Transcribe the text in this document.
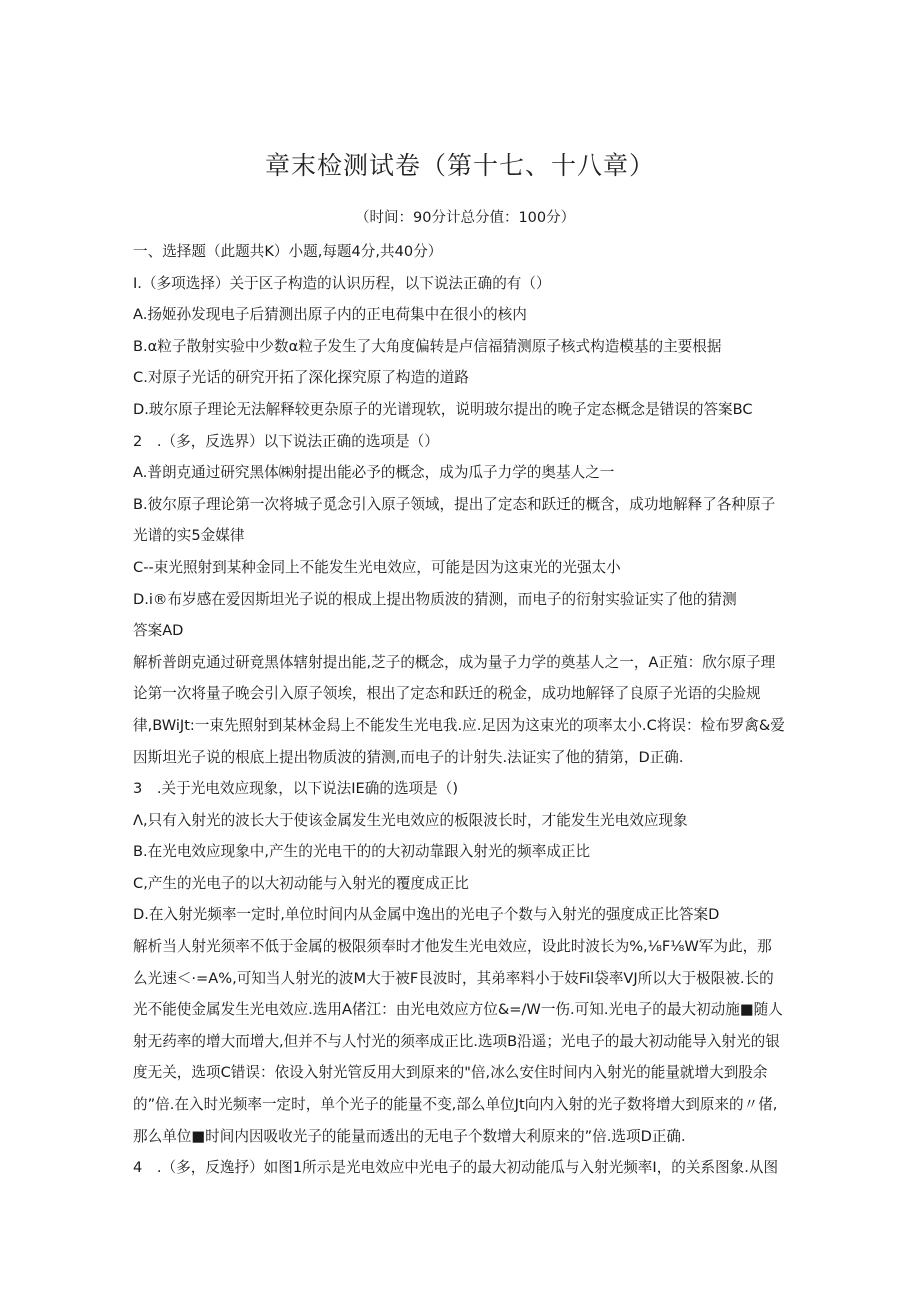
章末检测试卷（第十七、十八章）
（时间：90分计总分值：100分）
一、选择题（此题共K）小题,每题4分,共40分）
I.（多项选择）关于区子构造的认识历程，以下说法正确的有（）
A.扬姬孙发现电子后猜测出原子内的正电荷集中在很小的核内
B.α粒子散射实验中少数α粒子发生了大角度偏转是卢信福猜测原子核式构造模基的主要根据
C.对原子光话的研究开拓了深化探究原了构造的道路
D.玻尔原子理论无法解释较更杂原子的光谱现软，说明玻尔提出的晚子定态概念是错误的答案BC
2　.（多，反选界）以下说法正确的选项是（）
A.普朗克通过研究黑体㈱射提出能必予的概念，成为瓜子力学的奥基人之一
B.彼尔原子理论第一次将城子觅念引入原子领域，提出了定态和跃迁的概含，成功地解释了各种原子
光谱的实5金媒律
C--束光照射到某种金同上不能发生光电效应，可能是因为这束光的光强太小
D.i®布岁感在爱因斯坦光子说的根成上提出物质波的猜测，而电子的衍射实验证实了他的猜测
答案AD
解析普朗克通过研竟黑体辖射提出能,芝子的概念，成为量子力学的奠基人之一，A正殖：欣尔原子理
论第一次将量子晚会引入原子领埃，根出了定态和跃迁的税金，成功地解铎了良原子光语的尖脸规
律,BWiJt:一束先照射到某林金舄上不能发生光电我.应.足因为这束光的项率太小.C将误：检布罗禽&爱
因斯坦光子说的根底上提出物质波的猜测,而电子的计射失.法证实了他的猜第，D正确.
3　.关于光电效应现象，以下说法IE确的选项是（)
Λ,只有入射光的波长大于使该金属发生光电效应的板限波长时，才能发生光电效应现象
B.在光电效应现象中,产生的光电干的的大初动靠跟入射光的频率成正比
C,产生的光电子的以大初动能与入射光的覆度成正比
D.在入射光频率一定时,单位时间内从金属中逸出的光电子个数与入射光的强度成正比答案D
解析当人射光须率不低于金属的极限须奉时才他发生光电效应，设此时波长为%,⅛F⅛W军为此，那
么光速＜·=A%,可知当人射光的波M大于被F艮波时，其弟率料小于妓Fil袋率VJ所以大于极限被.长的
光不能使金属发生光电效应.选用A偖江：由光电效应方位&=/W一伤.可知.光电子的最大初动施■随人
射无药率的增大而增大,但并不与人忖光的须率成正比.选项B沿遥；光电子的最大初动能导入射光的银
度无关，选项C错误：依设入射光管反用大到原来的"倍,冰么安住时间内入射光的能量就增大到股余
的”倍.在入时光频率一定时，单个光子的能量不变,部么单位Jt向内入射的光子数将增大到原来的〃偖,
那么单位■时间内因吸收光子的能量而透出的无电子个数增大利原来的”倍.选项D正确.
4　.（多，反逸抒）如图1所示是光电效应中光电子的最大初动能瓜与入射光频率I，的关系图象.从图
